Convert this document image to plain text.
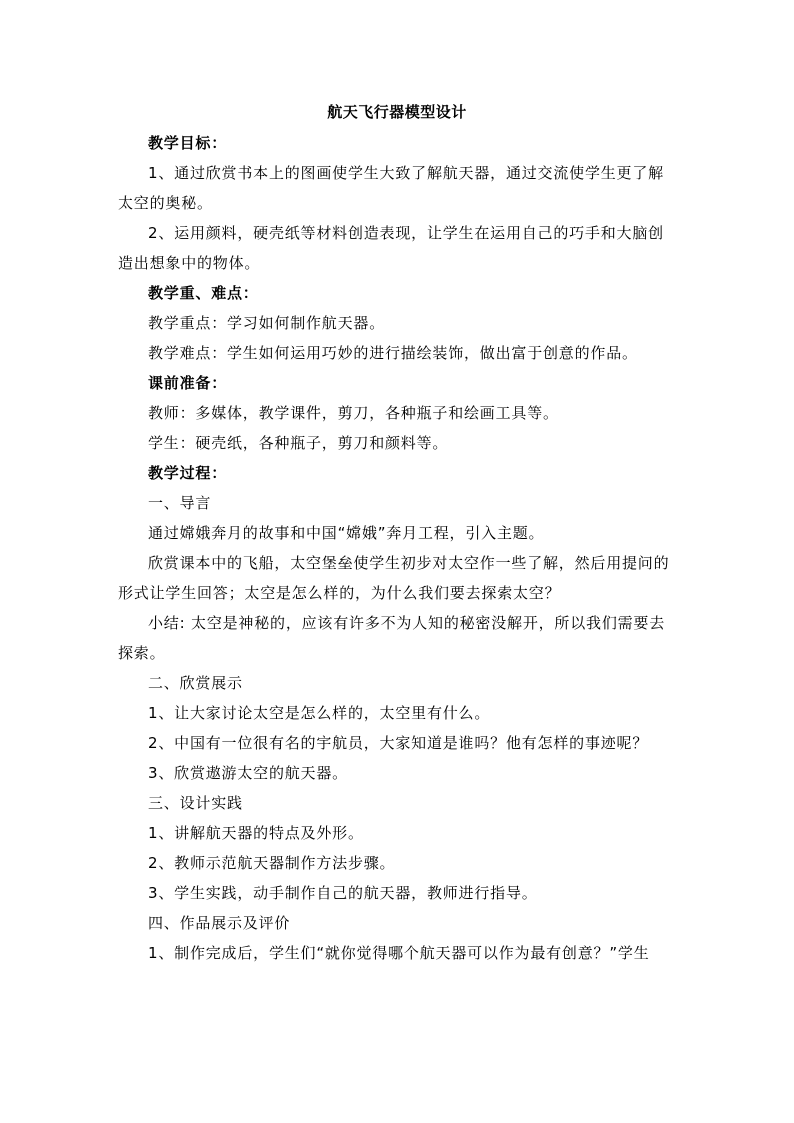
航天飞行器模型设计
教学目标：
1、通过欣赏书本上的图画使学生大致了解航天器，通过交流使学生更了解
太空的奥秘。
2、运用颜料，硬壳纸等材料创造表现，让学生在运用自己的巧手和大脑创
造出想象中的物体。
教学重、难点：
教学重点：学习如何制作航天器。
教学难点：学生如何运用巧妙的进行描绘装饰，做出富于创意的作品。
课前准备：
教师：多媒体，教学课件，剪刀，各种瓶子和绘画工具等。
学生：硬壳纸，各种瓶子，剪刀和颜料等。
教学过程：
一、导言
通过嫦娥奔月的故事和中国“嫦娥”奔月工程，引入主题。
欣赏课本中的飞船，太空堡垒使学生初步对太空作一些了解，然后用提问的
形式让学生回答；太空是怎么样的，为什么我们要去探索太空？
小结: 太空是神秘的，应该有许多不为人知的秘密没解开，所以我们需要去
探索。
二、欣赏展示
1、让大家讨论太空是怎么样的，太空里有什么。
2、中国有一位很有名的宇航员，大家知道是谁吗？他有怎样的事迹呢？
3、欣赏遨游太空的航天器。
三、设计实践
1、讲解航天器的特点及外形。
2、教师示范航天器制作方法步骤。
3、学生实践，动手制作自己的航天器，教师进行指导。
四、作品展示及评价
1、制作完成后，学生们“就你觉得哪个航天器可以作为最有创意？”学生
